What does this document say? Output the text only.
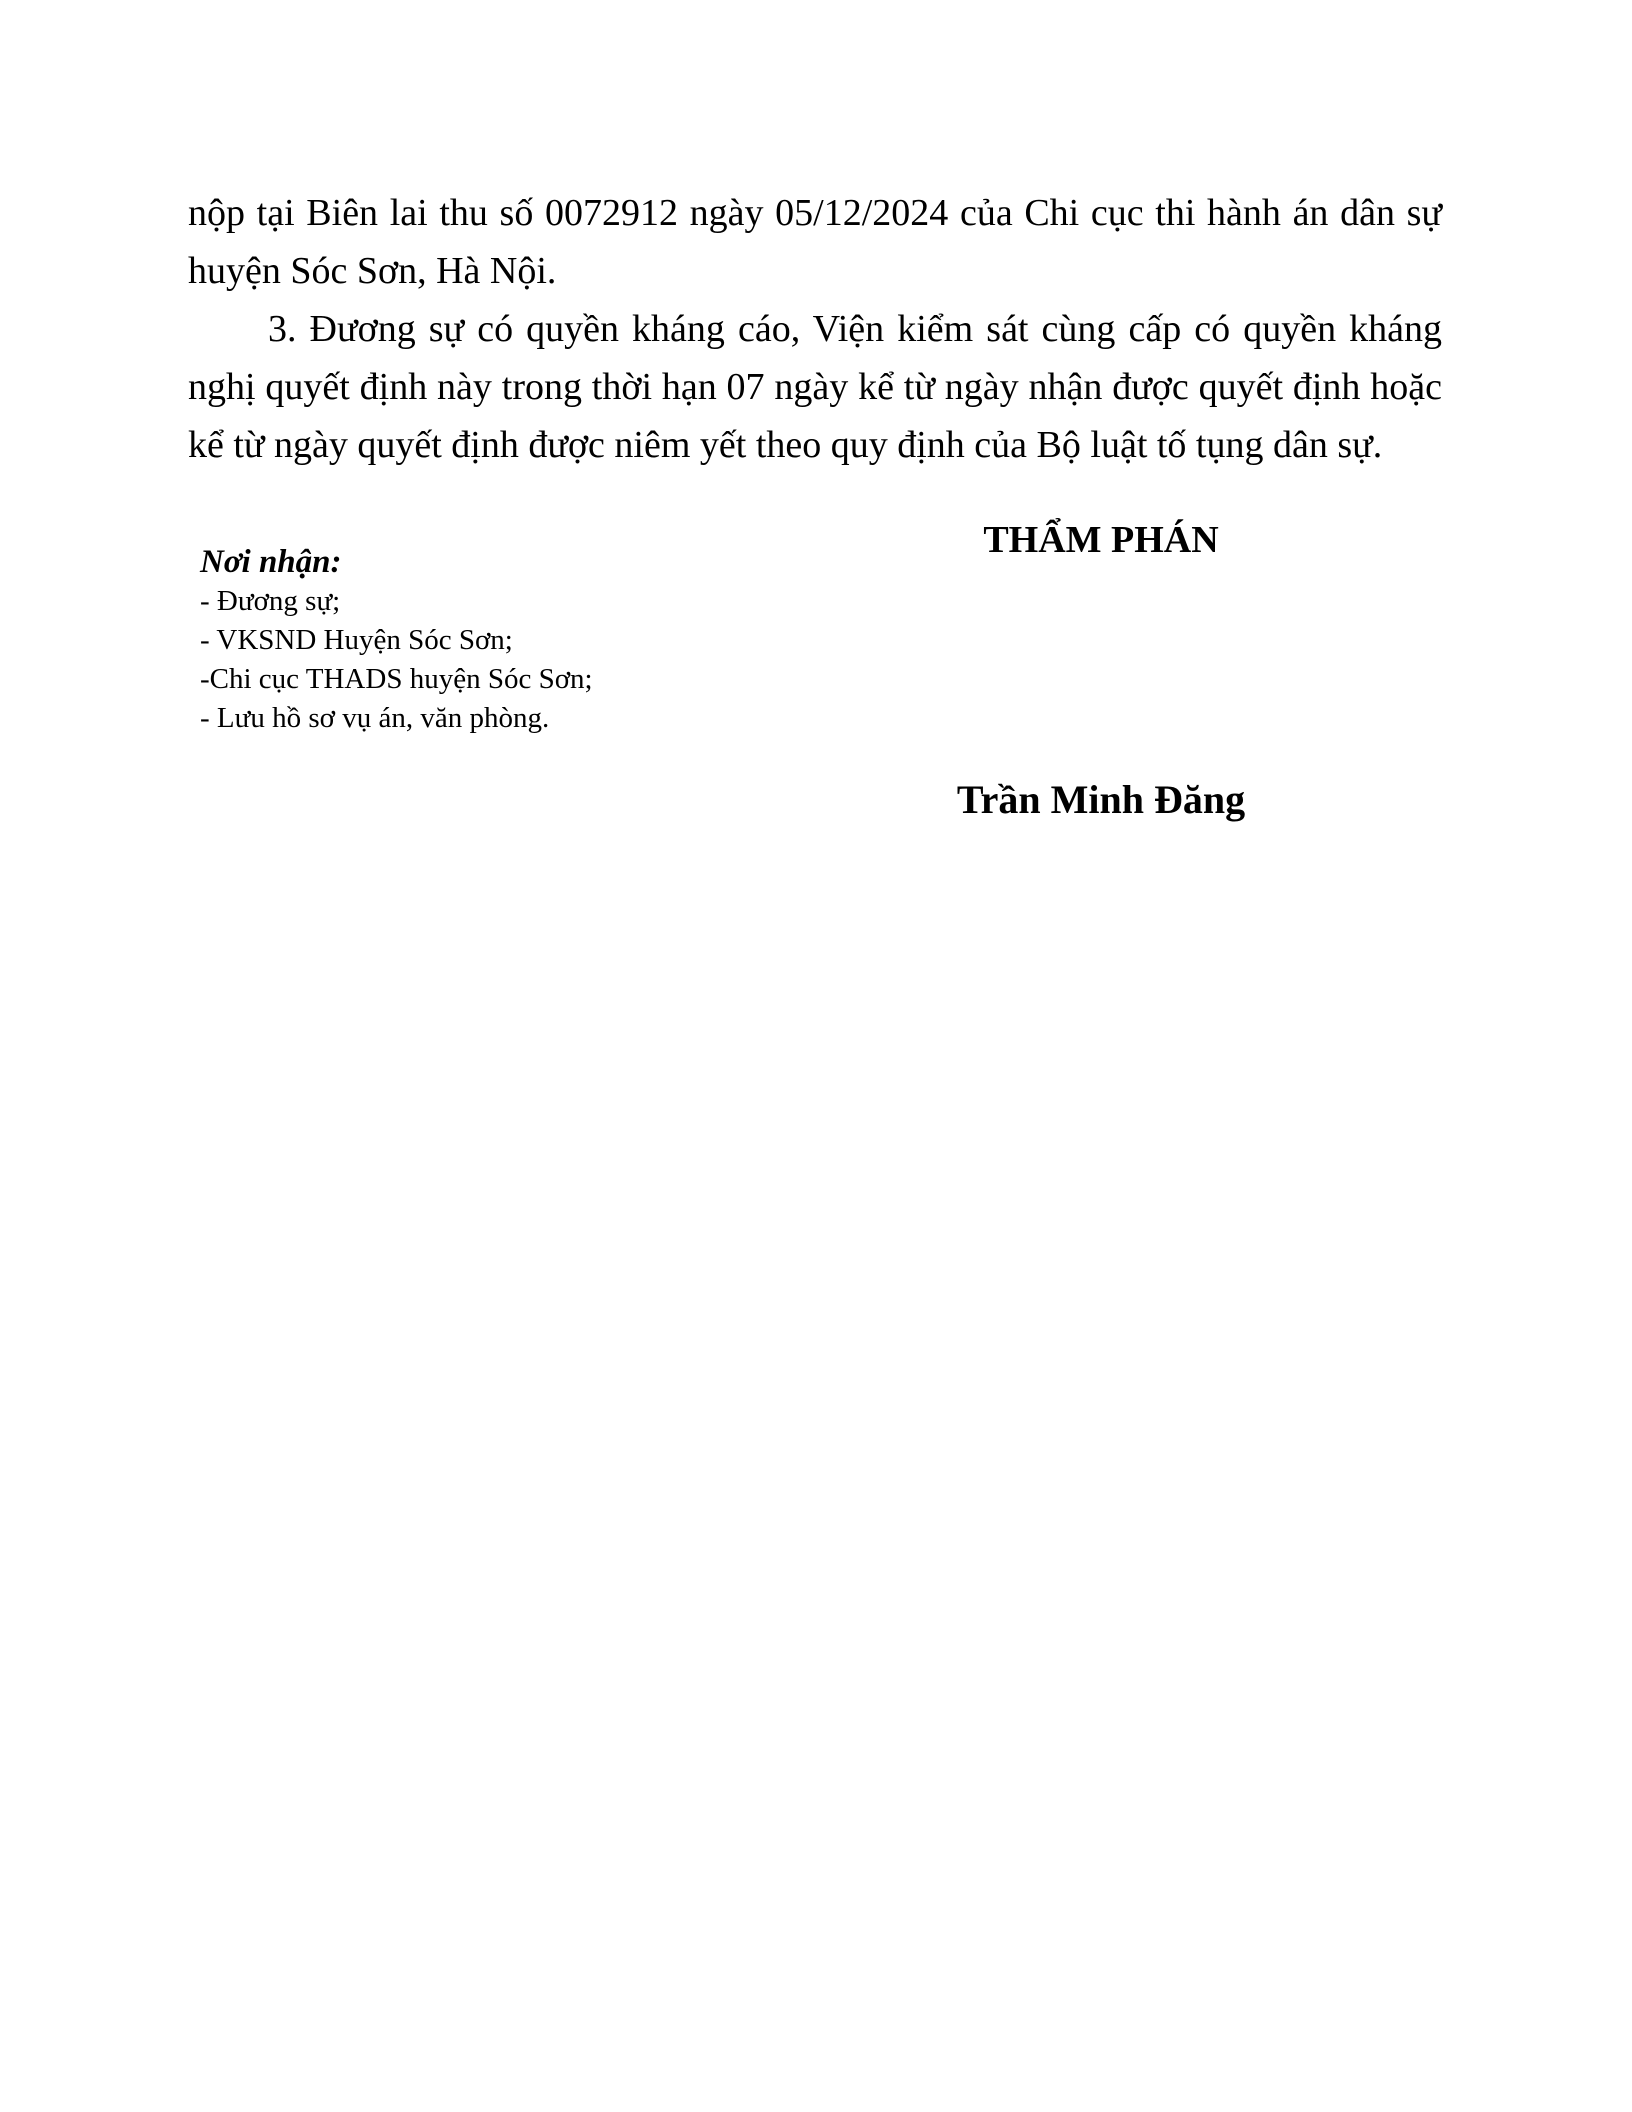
nộp tại Biên lai thu số 0072912 ngày 05/12/2024 của Chi cục thi hành án dân sự
huyện Sóc Sơn, Hà Nội.
3. Đương sự có quyền kháng cáo, Viện kiểm sát cùng cấp có quyền kháng
nghị quyết định này trong thời hạn 07 ngày kể từ ngày nhận được quyết định hoặc
kể từ ngày quyết định được niêm yết theo quy định của Bộ luật tố tụng dân sự.
Nơi nhận:
- Đương sự;
- VKSND Huyện Sóc Sơn;
-Chi cục THADS huyện Sóc Sơn;
- Lưu hồ sơ vụ án, văn phòng.
THẨM PHÁN
Trần Minh Đăng
